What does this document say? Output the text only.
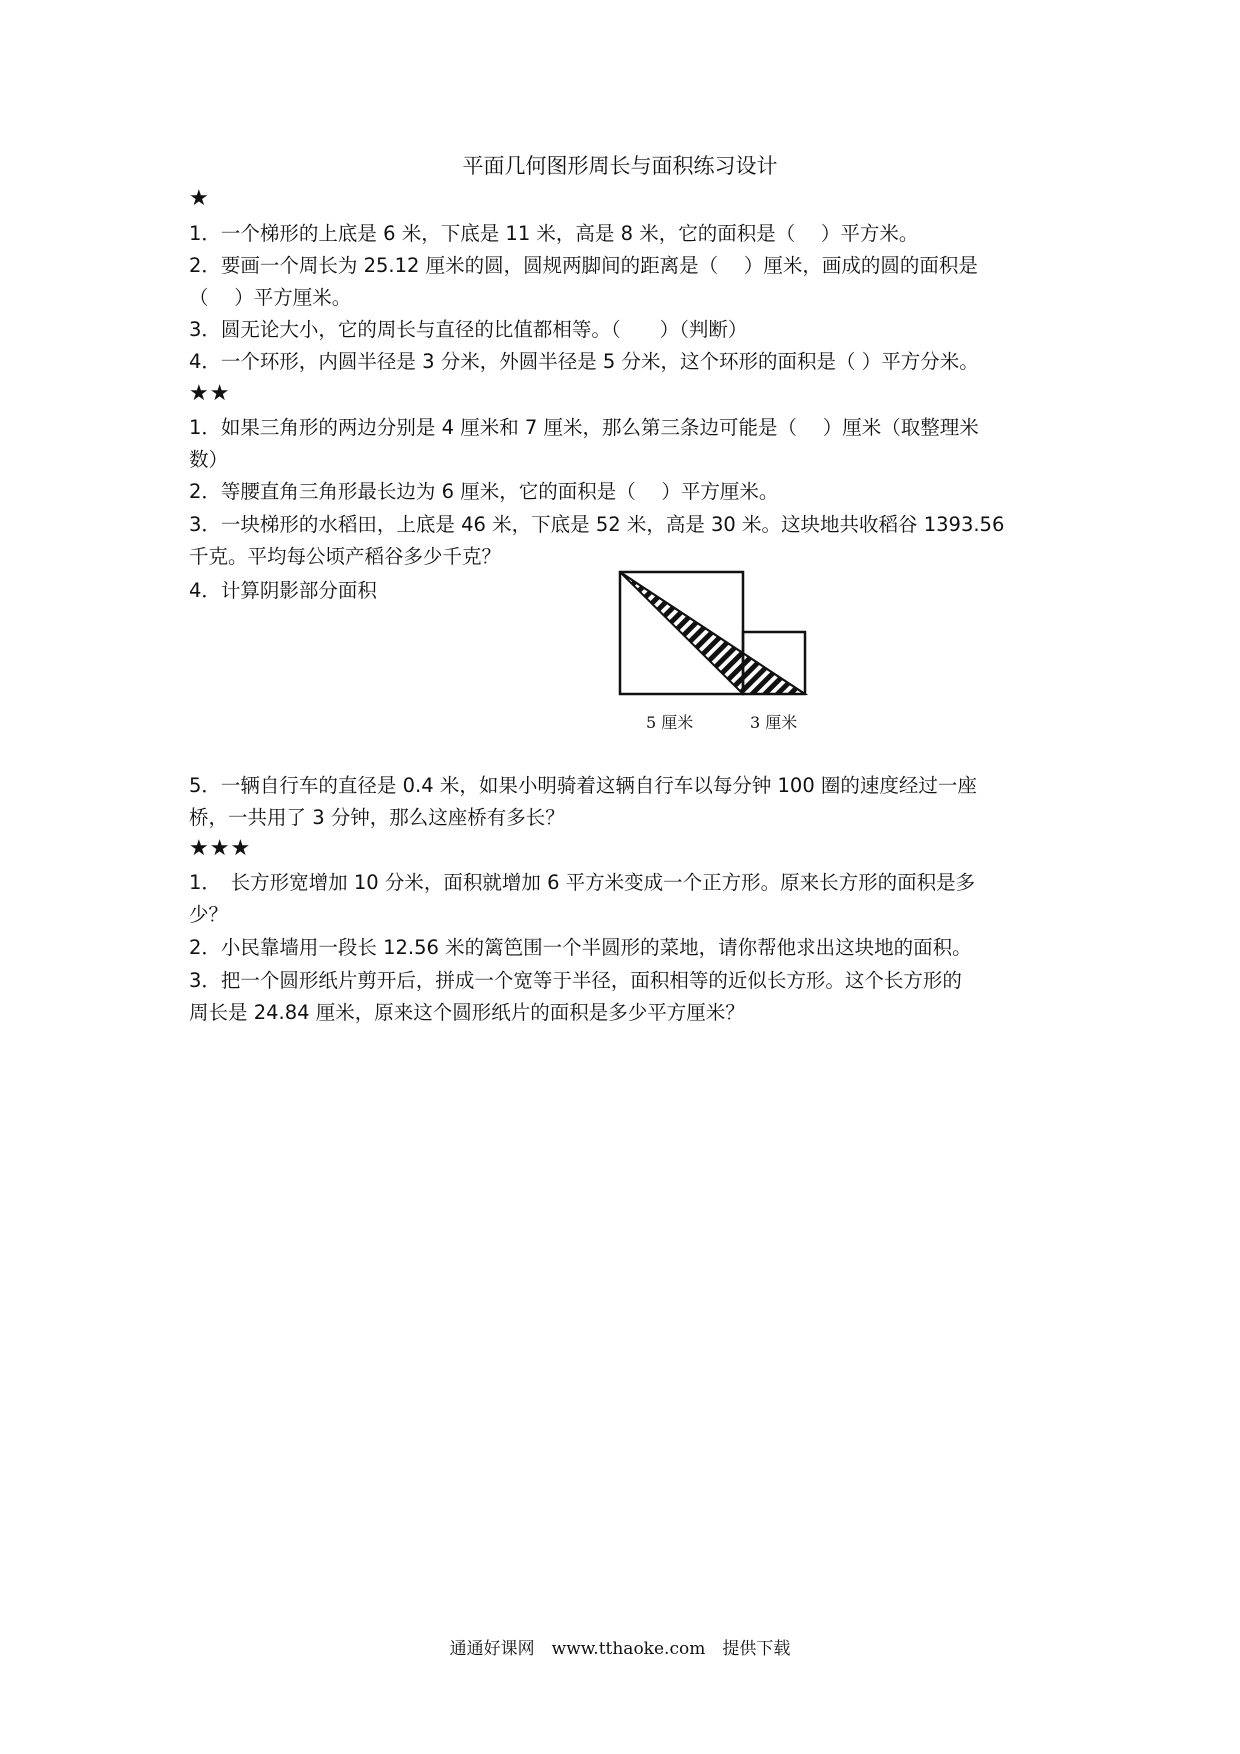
平面几何图形周长与面积练习设计
★
1．一个梯形的上底是 6 米，下底是 11 米，高是 8 米，它的面积是（　 ）平方米。
2．要画一个周长为 25.12 厘米的圆，圆规两脚间的距离是（　 ）厘米，画成的圆的面积是
（　 ）平方厘米。
3．圆无论大小，它的周长与直径的比值都相等。（　　）（判断）
4．一个环形，内圆半径是 3 分米，外圆半径是 5 分米，这个环形的面积是（ ）平方分米。
★★
1．如果三角形的两边分别是 4 厘米和 7 厘米，那么第三条边可能是（　 ）厘米（取整理米
数）
2．等腰直角三角形最长边为 6 厘米，它的面积是（　 ）平方厘米。
3．一块梯形的水稻田，上底是 46 米，下底是 52 米，高是 30 米。这块地共收稻谷 1393.56
千克。平均每公顷产稻谷多少千克？
4．计算阴影部分面积
5 厘米	3 厘米
5．一辆自行车的直径是 0.4 米，如果小明骑着这辆自行车以每分钟 100 圈的速度经过一座
桥，一共用了 3 分钟，那么这座桥有多长？
★★★
1．　长方形宽增加 10 分米，面积就增加 6 平方米变成一个正方形。原来长方形的面积是多
少？
2．小民靠墙用一段长 12.56 米的篱笆围一个半圆形的菜地，请你帮他求出这块地的面积。
3．把一个圆形纸片剪开后，拼成一个宽等于半径，面积相等的近似长方形。这个长方形的
周长是 24.84 厘米，原来这个圆形纸片的面积是多少平方厘米？
通通好课网　www.tthaoke.com　提供下载
